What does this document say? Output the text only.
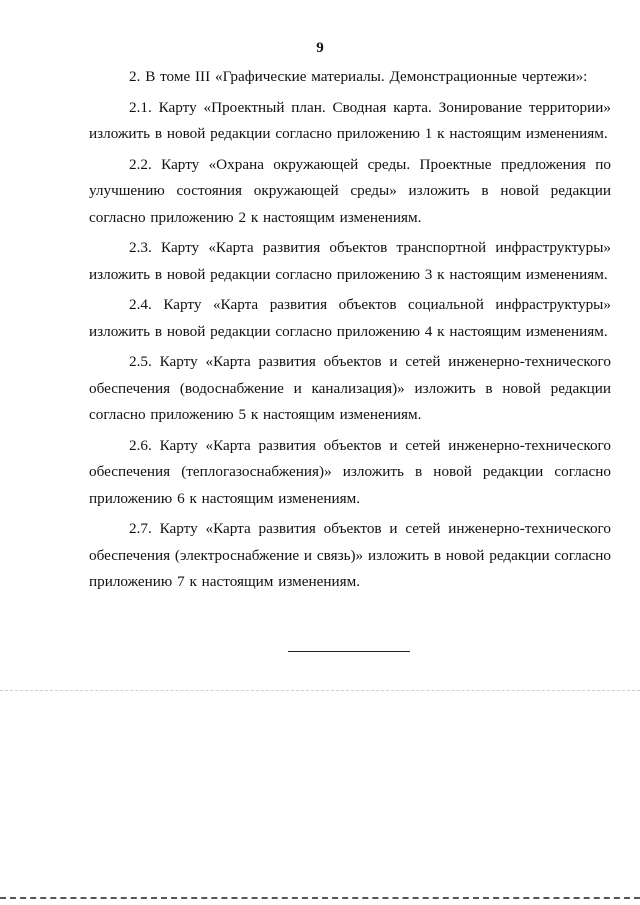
9

2. В томе III «Графические материалы. Демонстрационные чертежи»:

2.1. Карту «Проектный план. Сводная карта. Зонирование территории» изложить в новой редакции согласно приложению 1 к настоящим изменениям.

2.2. Карту «Охрана окружающей среды. Проектные предложения по улучшению состояния окружающей среды» изложить в новой редакции согласно приложению 2 к настоящим изменениям.

2.3. Карту «Карта развития объектов транспортной инфраструктуры» изложить в новой редакции согласно приложению 3 к настоящим изменениям.

2.4. Карту «Карта развития объектов социальной инфраструктуры» изложить в новой редакции согласно приложению 4 к настоящим изменениям.

2.5. Карту «Карта развития объектов и сетей инженерно-технического обеспечения (водоснабжение и канализация)» изложить в новой редакции согласно приложению 5 к настоящим изменениям.

2.6. Карту «Карта развития объектов и сетей инженерно-технического обеспечения (теплогазоснабжения)» изложить в новой редакции согласно приложению 6 к настоящим изменениям.

2.7. Карту «Карта развития объектов и сетей инженерно-технического обеспечения (электроснабжение и связь)» изложить в новой редакции согласно приложению 7 к настоящим изменениям.
